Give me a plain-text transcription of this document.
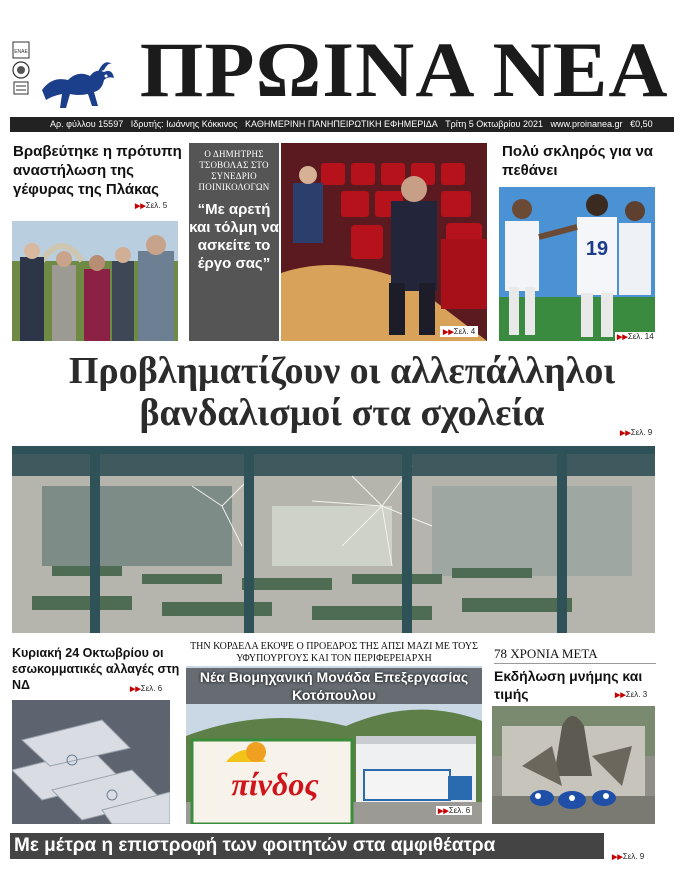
ΕΝΑΕ	ΠΡΩΙΝΑ ΝΕΑ
Αρ. φύλλου 15597 Ιδρυτής: Ιωάννης Κόκκινος ΚΑΘΗΜΕΡΙΝΗ ΠΑΝΗΠΕΙΡΩΤΙΚΗ ΕΦΗΜΕΡΙΔΑ Τρίτη 5 Οκτωβρίου 2021 www.proinanea.gr €0,50
Βραβεύτηκε η πρότυπη αναστήλωση της γέφυρας της Πλάκας
▶▶Σελ. 5
Ο ΔΗΜΗΤΡΗΣ ΤΣΟΒΟΛΑΣ ΣΤΟ ΣΥΝΕΔΡΙΟ ΠΟΙΝΙΚΟΛΟΓΩΝ
“Με αρετή και τόλμη να ασκείτε το έργο σας”
▶▶Σελ. 4
Πολύ σκληρός για να πεθάνει
19
▶▶Σελ. 14
Προβληματίζουν οι αλλεπάλληλοι βανδαλισμοί στα σχολεία	▶▶Σελ. 9
Κυριακή 24 Οκτωβρίου οι εσωκομματικές αλλαγές στη ΝΔ	▶▶Σελ. 6
ΤΗΝ ΚΟΡΔΕΛΑ ΕΚΟΨΕ Ο ΠΡΟΕΔΡΟΣ ΤΗΣ ΑΠΣΙ ΜΑΖΙ ΜΕ ΤΟΥΣ ΥΦΥΠΟΥΡΓΟΥΣ ΚΑΙ ΤΟΝ ΠΕΡΙΦΕΡΕΙΑΡΧΗ
Νέα Βιομηχανική Μονάδα Επεξεργασίας Κοτόπουλου
πίνδος
▶▶Σελ. 6
78 ΧΡΟΝΙΑ ΜΕΤΑ
Εκδήλωση μνήμης και τιμής	▶▶Σελ. 3
Με μέτρα η επιστροφή των φοιτητών στα αμφιθέατρα
▶▶Σελ. 9
